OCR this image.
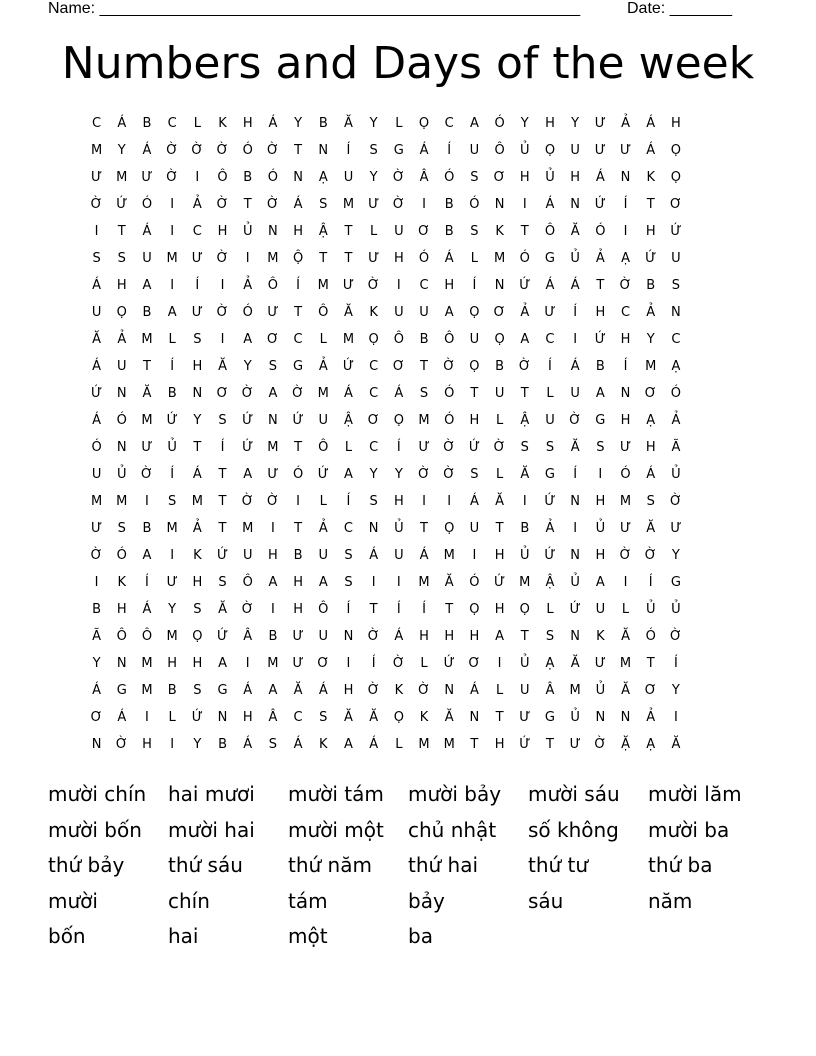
Name: ______________________________________________________	Date: _______
Numbers and Days of the week
C	Á	B	C	L	K	H	Á	Y	B	Ă	Y	L	Ọ	C	A	Ó	Y	H	Y	Ư	Ả	Á	H
M	Y	Á	Ờ	Ờ	Ờ	Ó	Ờ	T	N	Í	S	G	Á	Í	U	Ô	Ủ	Ọ	U	Ư	Ư	Á	Ọ
Ư	M	Ư	Ờ	I	Ô	B	Ó	N	Ạ	U	Y	Ờ	Â	Ó	S	Ơ	H	Ủ	H	Á	N	K	Ọ
Ờ	Ứ	Ó	I	Ả	Ờ	T	Ờ	Á	S	M	Ư	Ờ	I	B	Ó	N	I	Á	N	Ứ	Í	T	Ơ
I	T	Á	I	C	H	Ủ	N	H	Ậ	T	L	U	Ơ	B	S	K	T	Ô	Ă	Ó	I	H	Ứ
S	S	U	M	Ư	Ờ	I	M	Ộ	T	T	Ư	H	Ó	Á	L	M	Ó	G	Ủ	Ả	Ạ	Ứ	U
Á	H	A	I	Í	I	Ả	Ô	Í	M	Ư	Ờ	I	C	H	Í	N	Ứ	Á	Á	T	Ờ	B	S
U	Ọ	B	A	Ư	Ờ	Ó	Ư	T	Ô	Ă	K	U	U	A	Ọ	Ơ	Ả	Ư	Í	H	C	Ả	N
Ă	Ả	M	L	S	I	A	Ơ	C	L	M	Ọ	Ô	B	Ô	U	Ọ	A	C	I	Ứ	H	Y	C
Á	U	T	Í	H	Ă	Y	S	G	Ả	Ứ	C	Ơ	T	Ờ	Ọ	B	Ờ	Í	Á	B	Í	M	Ạ
Ứ	N	Ă	B	N	Ơ	Ờ	A	Ờ	M	Á	C	Á	S	Ó	T	U	T	L	U	A	N	Ơ	Ó
Á	Ó	M	Ứ	Y	S	Ứ	N	Ứ	U	Ậ	Ơ	Ọ	M	Ó	H	L	Ậ	U	Ờ	G	H	Ạ	Ả
Ó	N	Ư	Ủ	T	Í	Ứ	M	T	Ô	L	C	Í	Ư	Ờ	Ứ	Ờ	S	S	Ă	S	Ư	H	Ã
U	Ủ	Ờ	Í	Á	T	A	Ư	Ó	Ứ	A	Y	Y	Ờ	Ờ	S	L	Ă	G	Í	I	Ó	Á	Ủ
M	M	I	S	M	T	Ờ	Ờ	I	L	Í	S	H	I	I	Á	Ă	I	Ứ	N	H	M	S	Ờ
Ư	S	B	M	Ả	T	M	I	T	Ả	C	N	Ủ	T	Ọ	U	T	B	Ả	I	Ủ	Ư	Ă	Ư
Ờ	Ó	A	I	K	Ứ	U	H	B	U	S	Á	U	Á	M	I	H	Ủ	Ứ	N	H	Ờ	Ờ	Y
I	K	Í	Ư	H	S	Ô	A	H	A	S	I	I	M	Ă	Ó	Ứ	M	Ậ	Ủ	A	I	Í	G
B	H	Á	Y	S	Ă	Ờ	I	H	Ô	Í	T	Í	Í	T	Ọ	H	Ọ	L	Ứ	U	L	Ủ	Ủ
Ã	Ô	Ô	M	Ọ	Ứ	Â	B	Ư	U	N	Ờ	Á	H	H	H	A	T	S	N	K	Ă	Ó	Ờ
Y	N	M	H	H	A	I	M	Ư	Ơ	I	Í	Ờ	L	Ứ	Ơ	I	Ủ	Ạ	Ă	Ư	M	T	Í
Á	G	M	B	S	G	Á	A	Ă	Á	H	Ờ	K	Ờ	N	Á	L	U	Â	M	Ủ	Ă	Ơ	Y
Ơ	Á	I	L	Ứ	N	H	Â	C	S	Ă	Ă	Ọ	K	Ă	N	T	Ư	G	Ủ	N	N	Ả	I
N	Ờ	H	I	Y	B	Á	S	Á	K	A	Á	L	M	M	T	H	Ứ	T	Ư	Ờ	Ặ	Ạ	Ă
mười chín	hai mươi	mười tám	mười bảy	mười sáu	mười lăm
mười bốn	mười hai	mười một	chủ nhật	số không	mười ba
thứ bảy	thứ sáu	thứ năm	thứ hai	thứ tư	thứ ba
mười	chín	tám	bảy	sáu	năm
bốn	hai	một	ba
